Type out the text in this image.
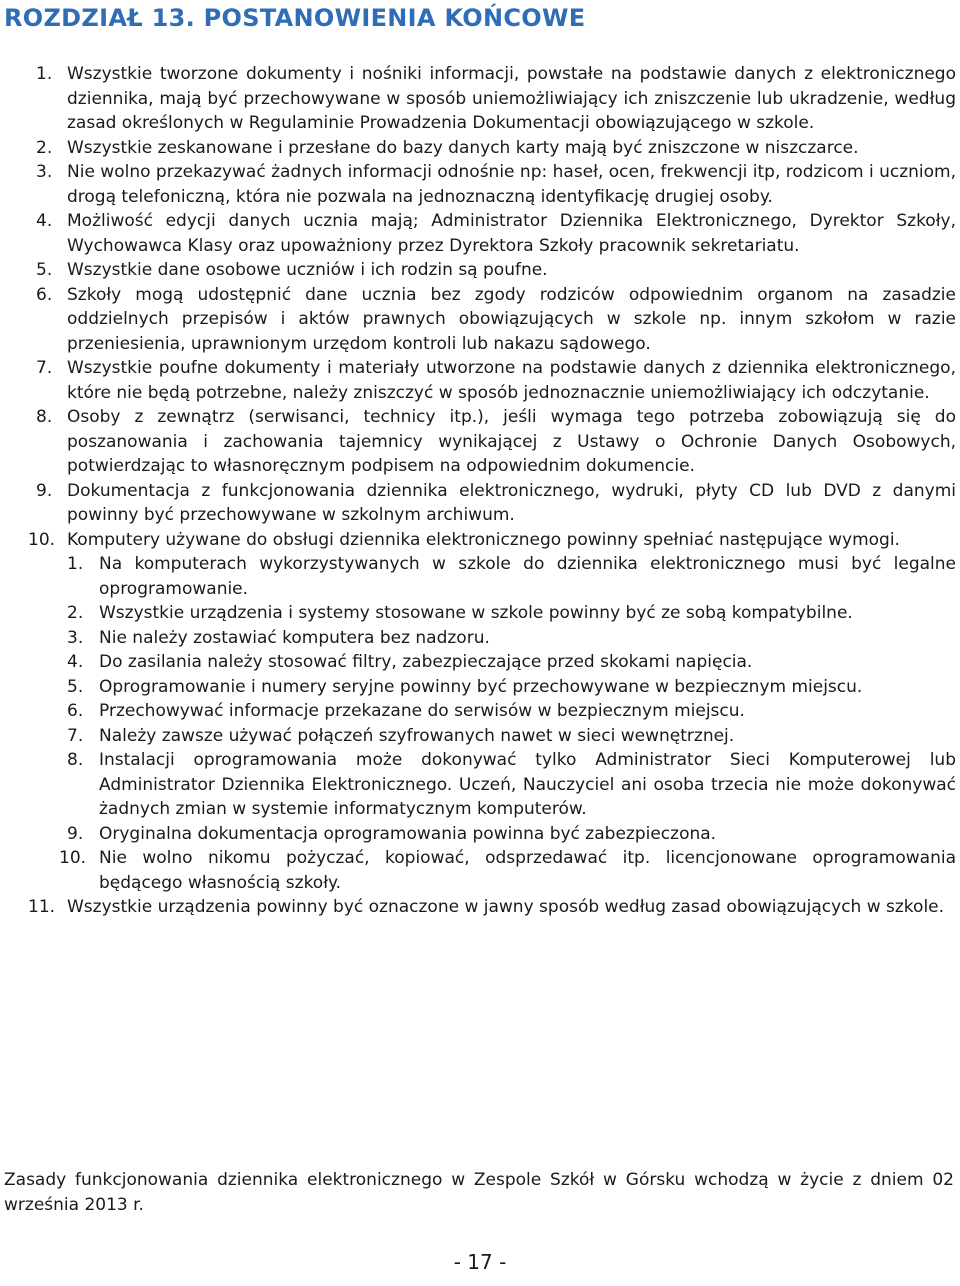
ROZDZIAŁ 13. POSTANOWIENIA KOŃCOWE
1. Wszystkie tworzone dokumenty i nośniki informacji, powstałe na podstawie danych z elektronicznego dziennika, mają być przechowywane w sposób uniemożliwiający ich zniszczenie lub ukradzenie, według zasad określonych w Regulaminie Prowadzenia Dokumentacji obowiązującego w szkole.
2. Wszystkie zeskanowane i przesłane do bazy danych karty mają być zniszczone w niszczarce.
3. Nie wolno przekazywać żadnych informacji odnośnie np: haseł, ocen, frekwencji itp, rodzicom i uczniom, drogą telefoniczną, która nie pozwala na jednoznaczną identyfikację drugiej osoby.
4. Możliwość edycji danych ucznia mają; Administrator Dziennika Elektronicznego, Dyrektor Szkoły, Wychowawca Klasy oraz upoważniony przez Dyrektora Szkoły pracownik sekretariatu.
5. Wszystkie dane osobowe uczniów i ich rodzin są poufne.
6. Szkoły mogą udostępnić dane ucznia bez zgody rodziców odpowiednim organom na zasadzie oddzielnych przepisów i aktów prawnych obowiązujących w szkole np. innym szkołom w razie przeniesienia, uprawnionym urzędom kontroli lub nakazu sądowego.
7. Wszystkie poufne dokumenty i materiały utworzone na podstawie danych z dziennika elektronicznego, które nie będą potrzebne, należy zniszczyć w sposób jednoznacznie uniemożliwiający ich odczytanie.
8. Osoby z zewnątrz (serwisanci, technicy itp.), jeśli wymaga tego potrzeba zobowiązują się do poszanowania i zachowania tajemnicy wynikającej z Ustawy o Ochronie Danych Osobowych, potwierdzając to własnoręcznym podpisem na odpowiednim dokumencie.
9. Dokumentacja z funkcjonowania dziennika elektronicznego, wydruki, płyty CD lub DVD z danymi powinny być przechowywane w szkolnym archiwum.
10. Komputery używane do obsługi dziennika elektronicznego powinny spełniać następujące wymogi.
1. Na komputerach wykorzystywanych w szkole do dziennika elektronicznego musi być legalne oprogramowanie.
2. Wszystkie urządzenia i systemy stosowane w szkole powinny być ze sobą kompatybilne.
3. Nie należy zostawiać komputera bez nadzoru.
4. Do zasilania należy stosować filtry, zabezpieczające przed skokami napięcia.
5. Oprogramowanie i numery seryjne powinny być przechowywane w bezpiecznym miejscu.
6. Przechowywać informacje przekazane do serwisów w bezpiecznym miejscu.
7. Należy zawsze używać połączeń szyfrowanych nawet w sieci wewnętrznej.
8. Instalacji oprogramowania może dokonywać tylko Administrator Sieci Komputerowej lub Administrator Dziennika Elektronicznego. Uczeń, Nauczyciel ani osoba trzecia nie może dokonywać żadnych zmian w systemie informatycznym komputerów.
9. Oryginalna dokumentacja oprogramowania powinna być zabezpieczona.
10. Nie wolno nikomu pożyczać, kopiować, odsprzedawać itp. licencjonowane oprogramowania będącego własnością szkoły.
11. Wszystkie urządzenia powinny być oznaczone w jawny sposób według zasad obowiązujących w szkole.

Zasady funkcjonowania dziennika elektronicznego w Zespole Szkół w Górsku wchodzą w życie z dniem 02 września 2013 r.

- 17 -
